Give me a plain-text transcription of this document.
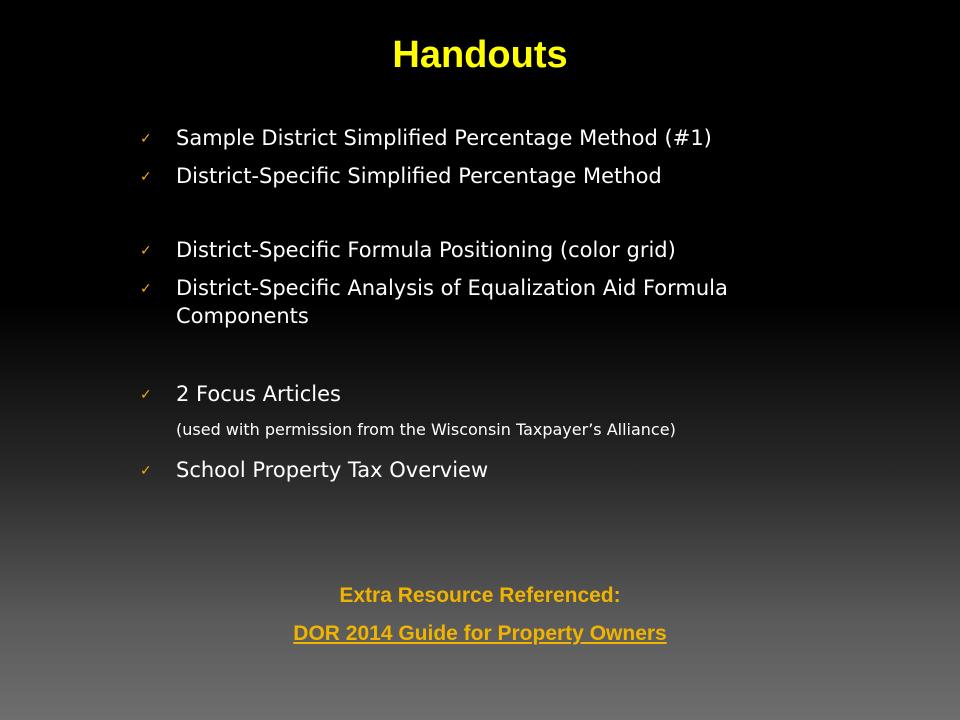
Handouts
✓	Sample District Simplified Percentage Method (#1)
✓	District-Specific Simplified Percentage Method
✓	District-Specific Formula Positioning (color grid)
✓	District-Specific Analysis of Equalization Aid Formula Components
✓	2 Focus Articles
(used with permission from the Wisconsin Taxpayer’s Alliance)
✓	School Property Tax Overview

Extra Resource Referenced:

DOR 2014 Guide for Property Owners
